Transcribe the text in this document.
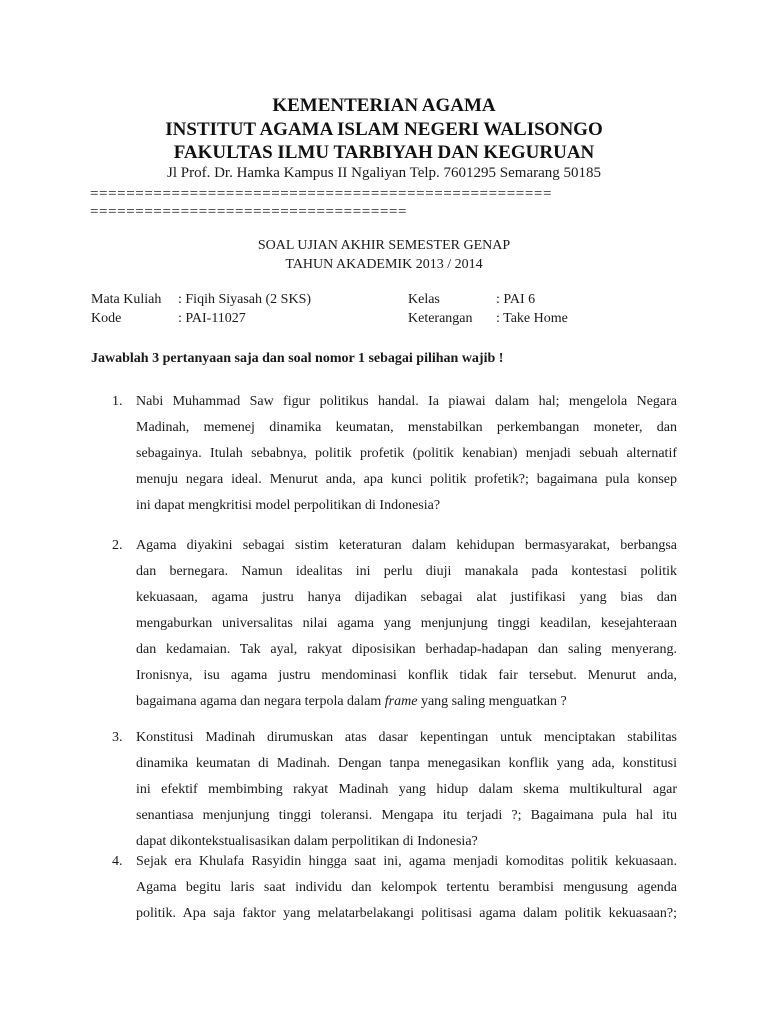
KEMENTERIAN AGAMA
INSTITUT AGAMA ISLAM NEGERI WALISONGO
FAKULTAS ILMU TARBIYAH DAN KEGURUAN
Jl Prof. Dr. Hamka Kampus II Ngaliyan Telp. 7601295 Semarang 50185
===================================================
===================================
SOAL UJIAN AKHIR SEMESTER GENAP
TAHUN AKADEMIK 2013 / 2014
Mata Kuliah : Fiqih Siyasah (2 SKS)	Kelas	: PAI 6
Kode	: PAI-11027	Keterangan : Take Home
Jawablah 3 pertanyaan saja dan soal nomor 1 sebagai pilihan wajib !
1. Nabi Muhammad Saw figur politikus handal. Ia piawai dalam hal; mengelola Negara
Madinah, memenej dinamika keumatan, menstabilkan perkembangan moneter, dan
sebagainya. Itulah sebabnya, politik profetik (politik kenabian) menjadi sebuah alternatif
menuju negara ideal. Menurut anda, apa kunci politik profetik?; bagaimana pula konsep
ini dapat mengkritisi model perpolitikan di Indonesia?
2. Agama diyakini sebagai sistim keteraturan dalam kehidupan bermasyarakat, berbangsa
dan bernegara. Namun idealitas ini perlu diuji manakala pada kontestasi politik
kekuasaan, agama justru hanya dijadikan sebagai alat justifikasi yang bias dan
mengaburkan universalitas nilai agama yang menjunjung tinggi keadilan, kesejahteraan
dan kedamaian. Tak ayal, rakyat diposisikan berhadap-hadapan dan saling menyerang.
Ironisnya, isu agama justru mendominasi konflik tidak fair tersebut. Menurut anda,
bagaimana agama dan negara terpola dalam frame yang saling menguatkan ?
3. Konstitusi Madinah dirumuskan atas dasar kepentingan untuk menciptakan stabilitas
dinamika keumatan di Madinah. Dengan tanpa menegasikan konflik yang ada, konstitusi
ini efektif membimbing rakyat Madinah yang hidup dalam skema multikultural agar
senantiasa menjunjung tinggi toleransi. Mengapa itu terjadi ?; Bagaimana pula hal itu
dapat dikontekstualisasikan dalam perpolitikan di Indonesia?
4. Sejak era Khulafa Rasyidin hingga saat ini, agama menjadi komoditas politik kekuasaan.
Agama begitu laris saat individu dan kelompok tertentu berambisi mengusung agenda
politik. Apa saja faktor yang melatarbelakangi politisasi agama dalam politik kekuasaan?;
